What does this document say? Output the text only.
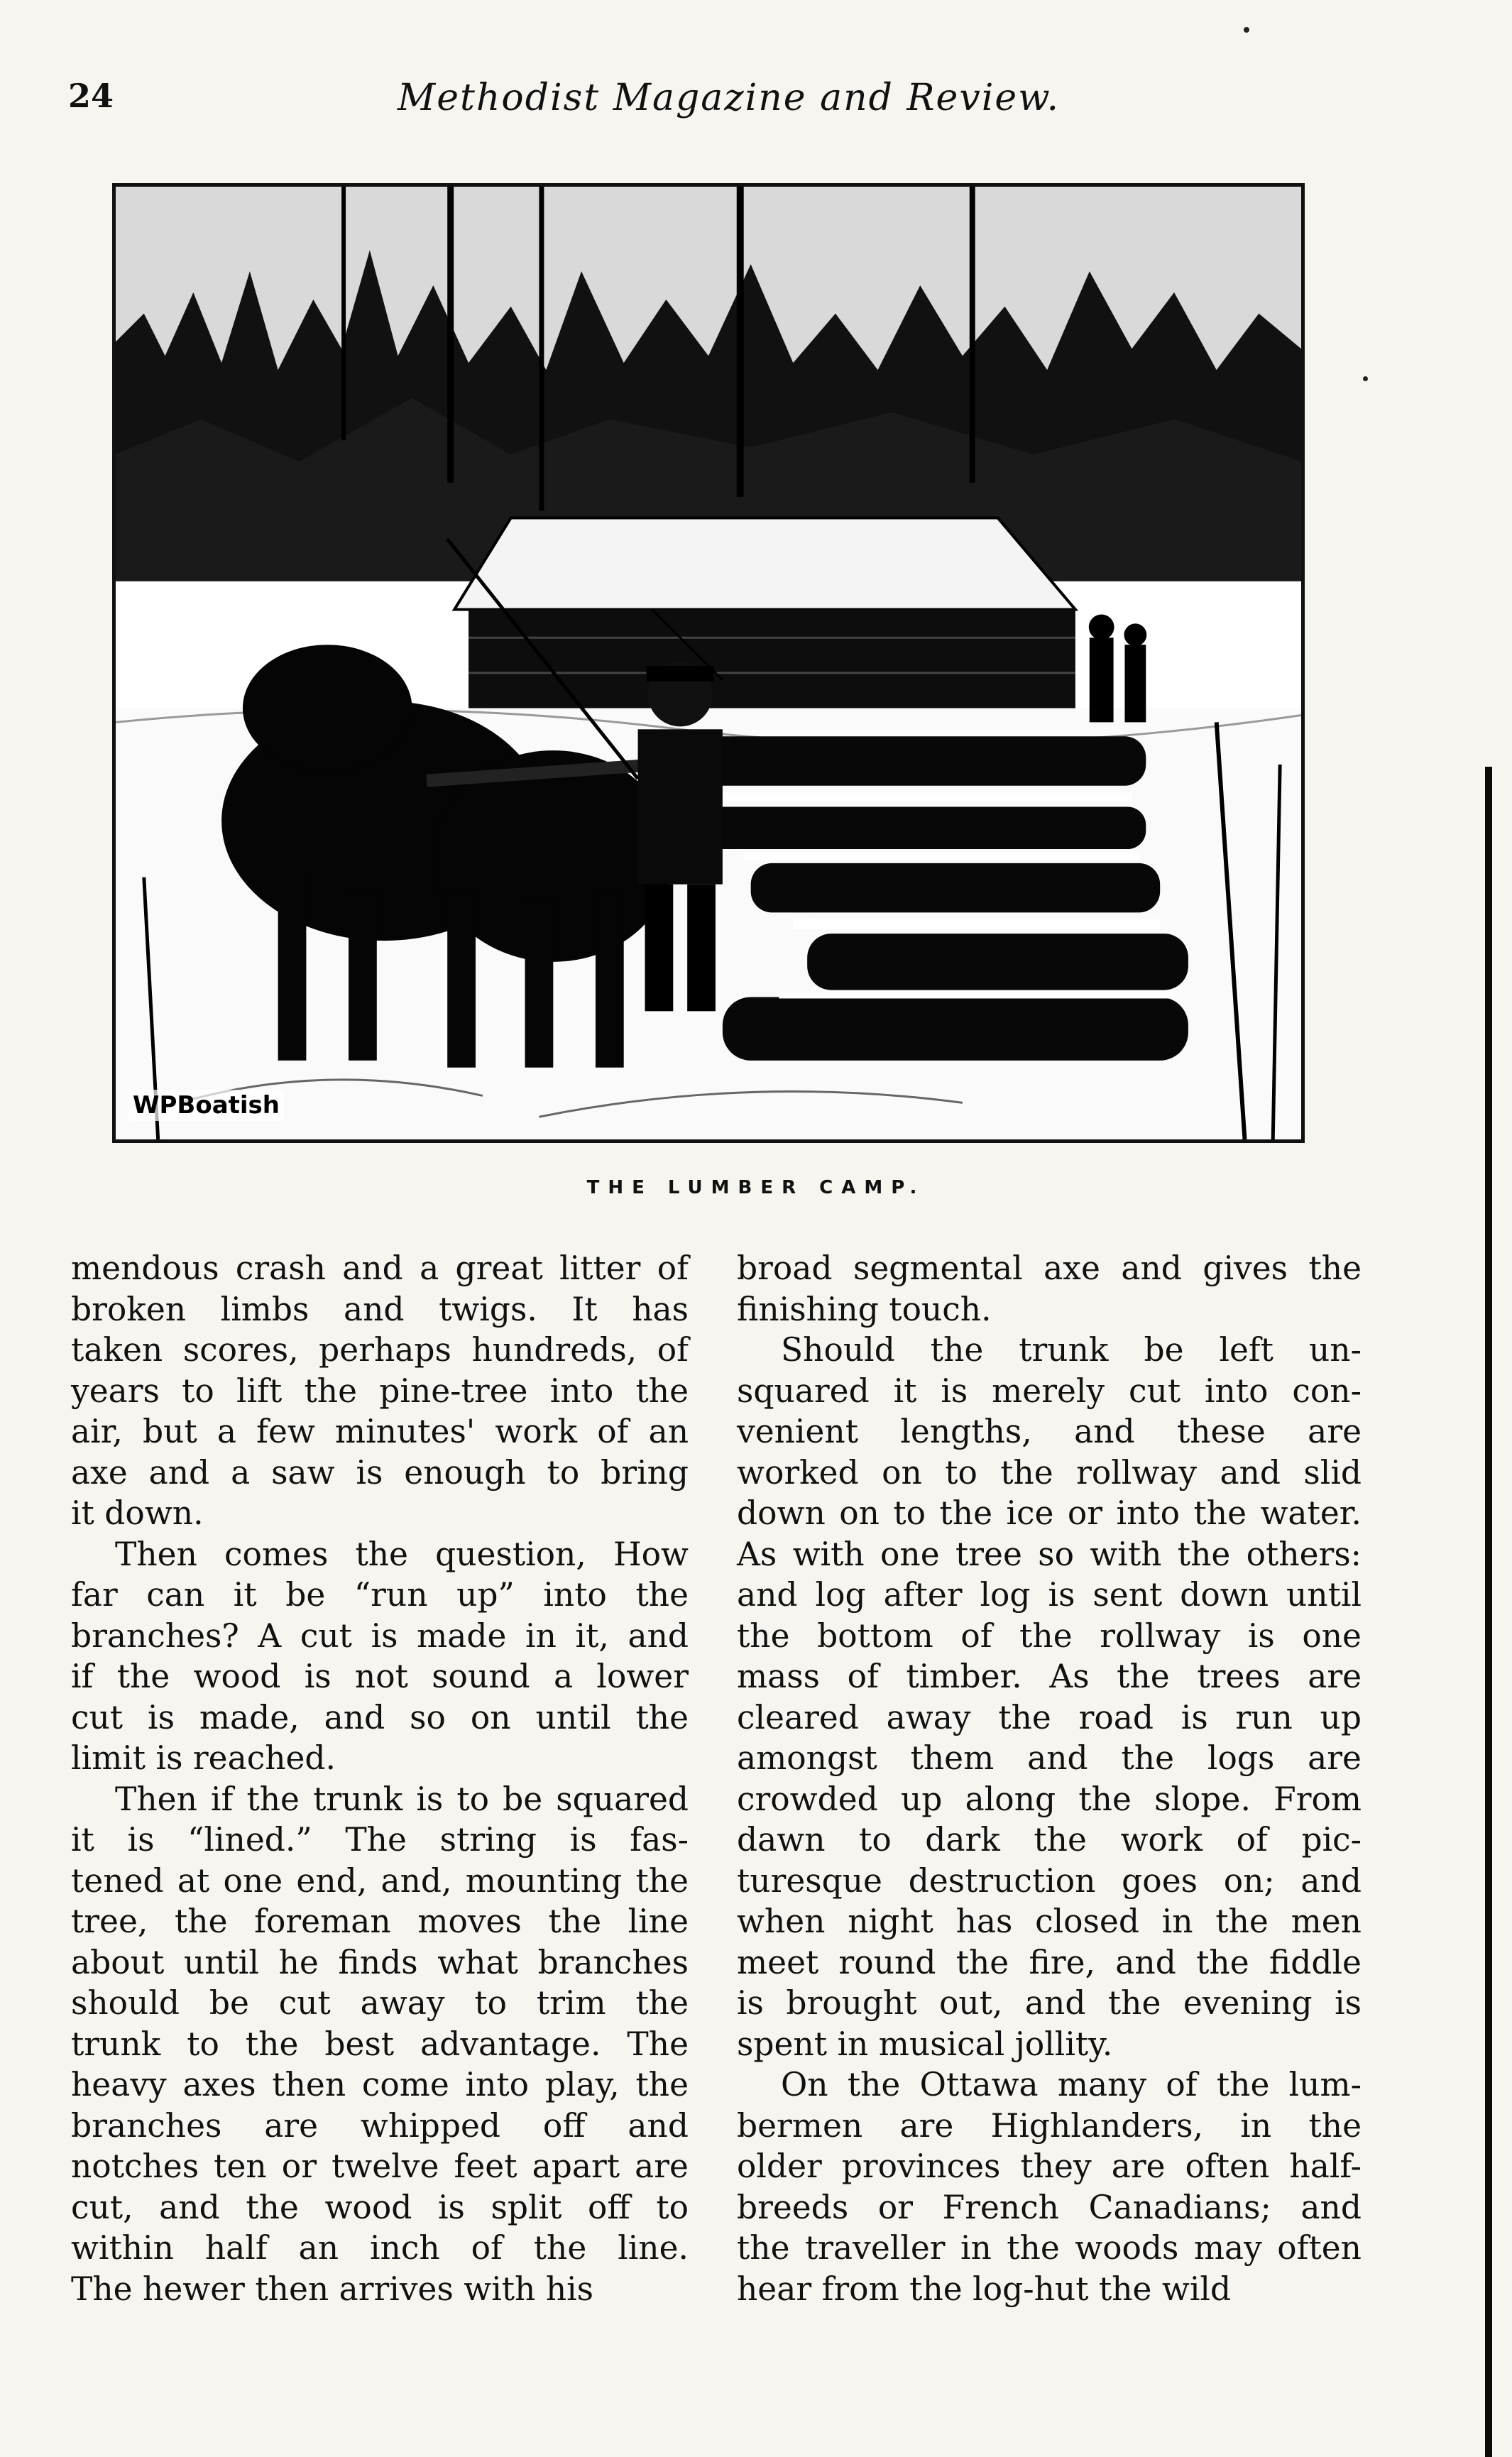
24	Methodist Magazine and Review.
WPBoatish
THE LUMBER CAMP.

mendous crash and a great litter of
broken limbs and twigs. It has
taken scores, perhaps hundreds, of
years to lift the pine-tree into the
air, but a few minutes' work of an
axe and a saw is enough to bring
it down.

Then comes the question, How
far can it be “run up” into the
branches? A cut is made in it, and
if the wood is not sound a lower
cut is made, and so on until the
limit is reached.

Then if the trunk is to be squared
it is “lined.” The string is fas-
tened at one end, and, mounting the
tree, the foreman moves the line
about until he finds what branches
should be cut away to trim the
trunk to the best advantage. The
heavy axes then come into play, the
branches are whipped off and
notches ten or twelve feet apart are
cut, and the wood is split off to
within half an inch of the line.
The hewer then arrives with his

broad segmental axe and gives the
finishing touch.

Should the trunk be left un-
squared it is merely cut into con-
venient lengths, and these are
worked on to the rollway and slid
down on to the ice or into the water.
As with one tree so with the others:
and log after log is sent down until
the bottom of the rollway is one
mass of timber. As the trees are
cleared away the road is run up
amongst them and the logs are
crowded up along the slope. From
dawn to dark the work of pic-
turesque destruction goes on; and
when night has closed in the men
meet round the fire, and the fiddle
is brought out, and the evening is
spent in musical jollity.

On the Ottawa many of the lum-
bermen are Highlanders, in the
older provinces they are often half-
breeds or French Canadians; and
the traveller in the woods may often
hear from the log-hut the wild
